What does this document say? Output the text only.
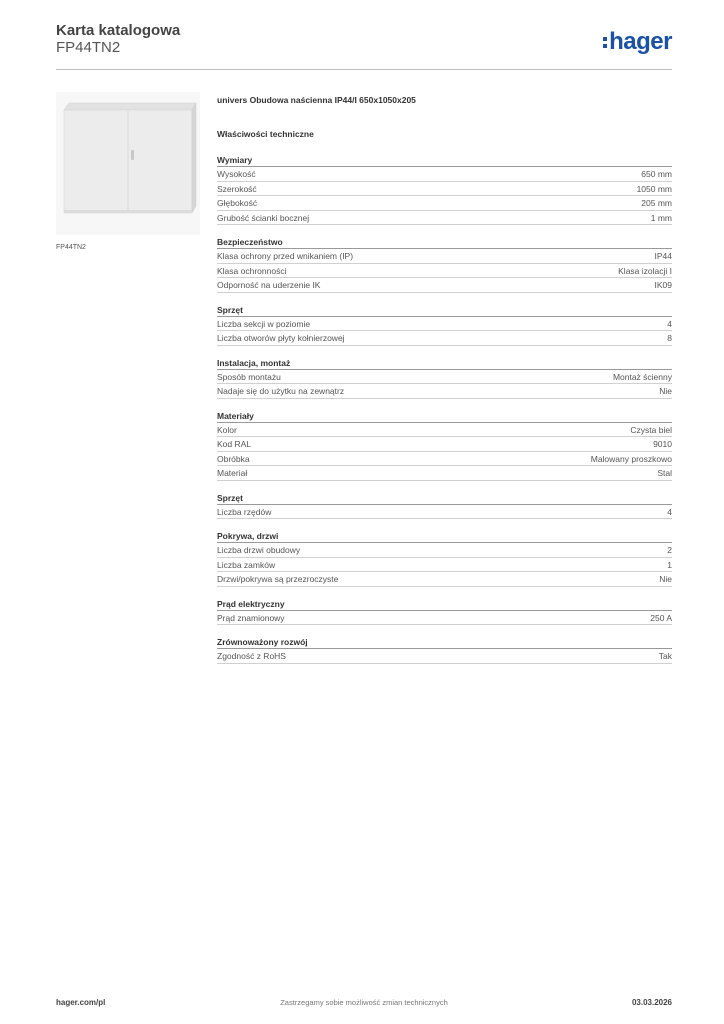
Karta katalogowa
FP44TN2	hager
FP44TN2
univers Obudowa naścienna IP44/I 650x1050x205
Właściwości techniczne
Wymiary
Wysokość	650 mm
Szerokość	1050 mm
Głębokość	205 mm
Grubość ścianki bocznej	1 mm
Bezpieczeństwo
Klasa ochrony przed wnikaniem (IP)	IP44
Klasa ochronności	Klasa izolacji I
Odporność na uderzenie IK	IK09
Sprzęt
Liczba sekcji w poziomie	4
Liczba otworów płyty kołnierzowej	8
Instalacja, montaż
Sposób montażu	Montaż ścienny
Nadaje się do użytku na zewnątrz	Nie
Materiały
Kolor	Czysta biel
Kod RAL	9010
Obróbka	Malowany proszkowo
Materiał	Stal
Sprzęt
Liczba rzędów	4
Pokrywa, drzwi
Liczba drzwi obudowy	2
Liczba zamków	1
Drzwi/pokrywa są przezroczyste	Nie
Prąd elektryczny
Prąd znamionowy	250 A
Zrównoważony rozwój
Zgodność z RoHS	Tak
hager.com/pl	Zastrzegamy sobie możliwość zmian technicznych	03.03.2026
